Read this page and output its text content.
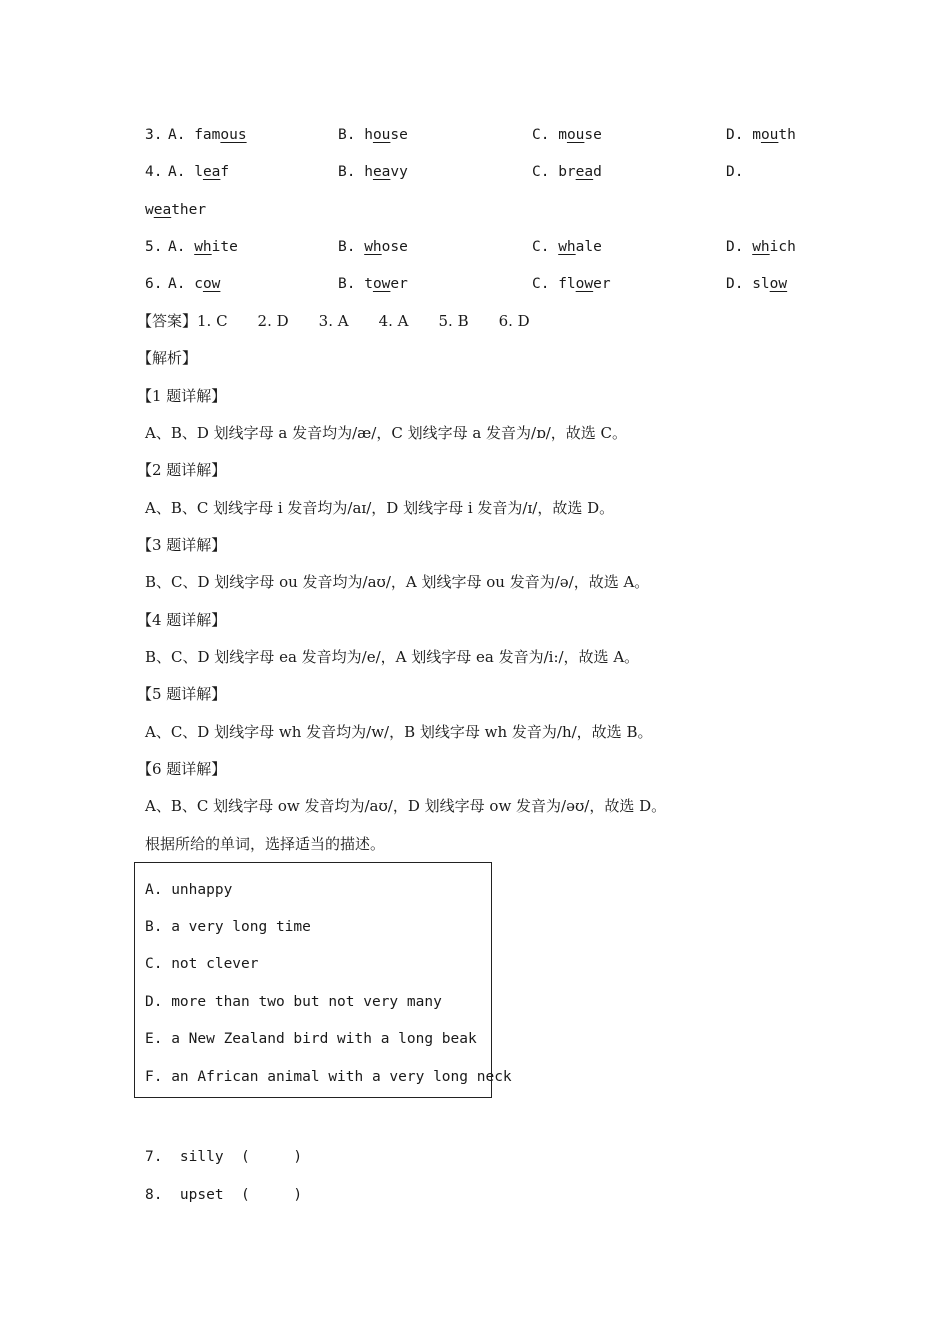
3. A. famous	B. house	C. mouse	D. mouth
4. A. leaf	B. heavy	C. bread	D.
weather
5. A. white	B. whose	C. whale	D. which
6. A. cow	B. tower	C. flower	D. slow
【答案】1. C　　2. D　　3. A　　4. A　　5. B　　6. D
【解析】
【1 题详解】
A、B、D 划线字母 a 发音均为/æ/，C 划线字母 a 发音为/ɒ/，故选 C。
【2 题详解】
A、B、C 划线字母 i 发音均为/aɪ/，D 划线字母 i 发音为/ɪ/，故选 D。
【3 题详解】
B、C、D 划线字母 ou 发音均为/aʊ/，A 划线字母 ou 发音为/ə/，故选 A。
【4 题详解】
B、C、D 划线字母 ea 发音均为/e/，A 划线字母 ea 发音为/i:/，故选 A。
【5 题详解】
A、C、D 划线字母 wh 发音均为/w/，B 划线字母 wh 发音为/h/，故选 B。
【6 题详解】
A、B、C 划线字母 ow 发音均为/aʊ/，D 划线字母 ow 发音为/əʊ/，故选 D。
根据所给的单词，选择适当的描述。
A. unhappy
B. a very long time
C. not clever
D. more than two but not very many
E. a New Zealand bird with a long beak
F. an African animal with a very long neck
7.  silly  (     )
8.  upset  (     )
